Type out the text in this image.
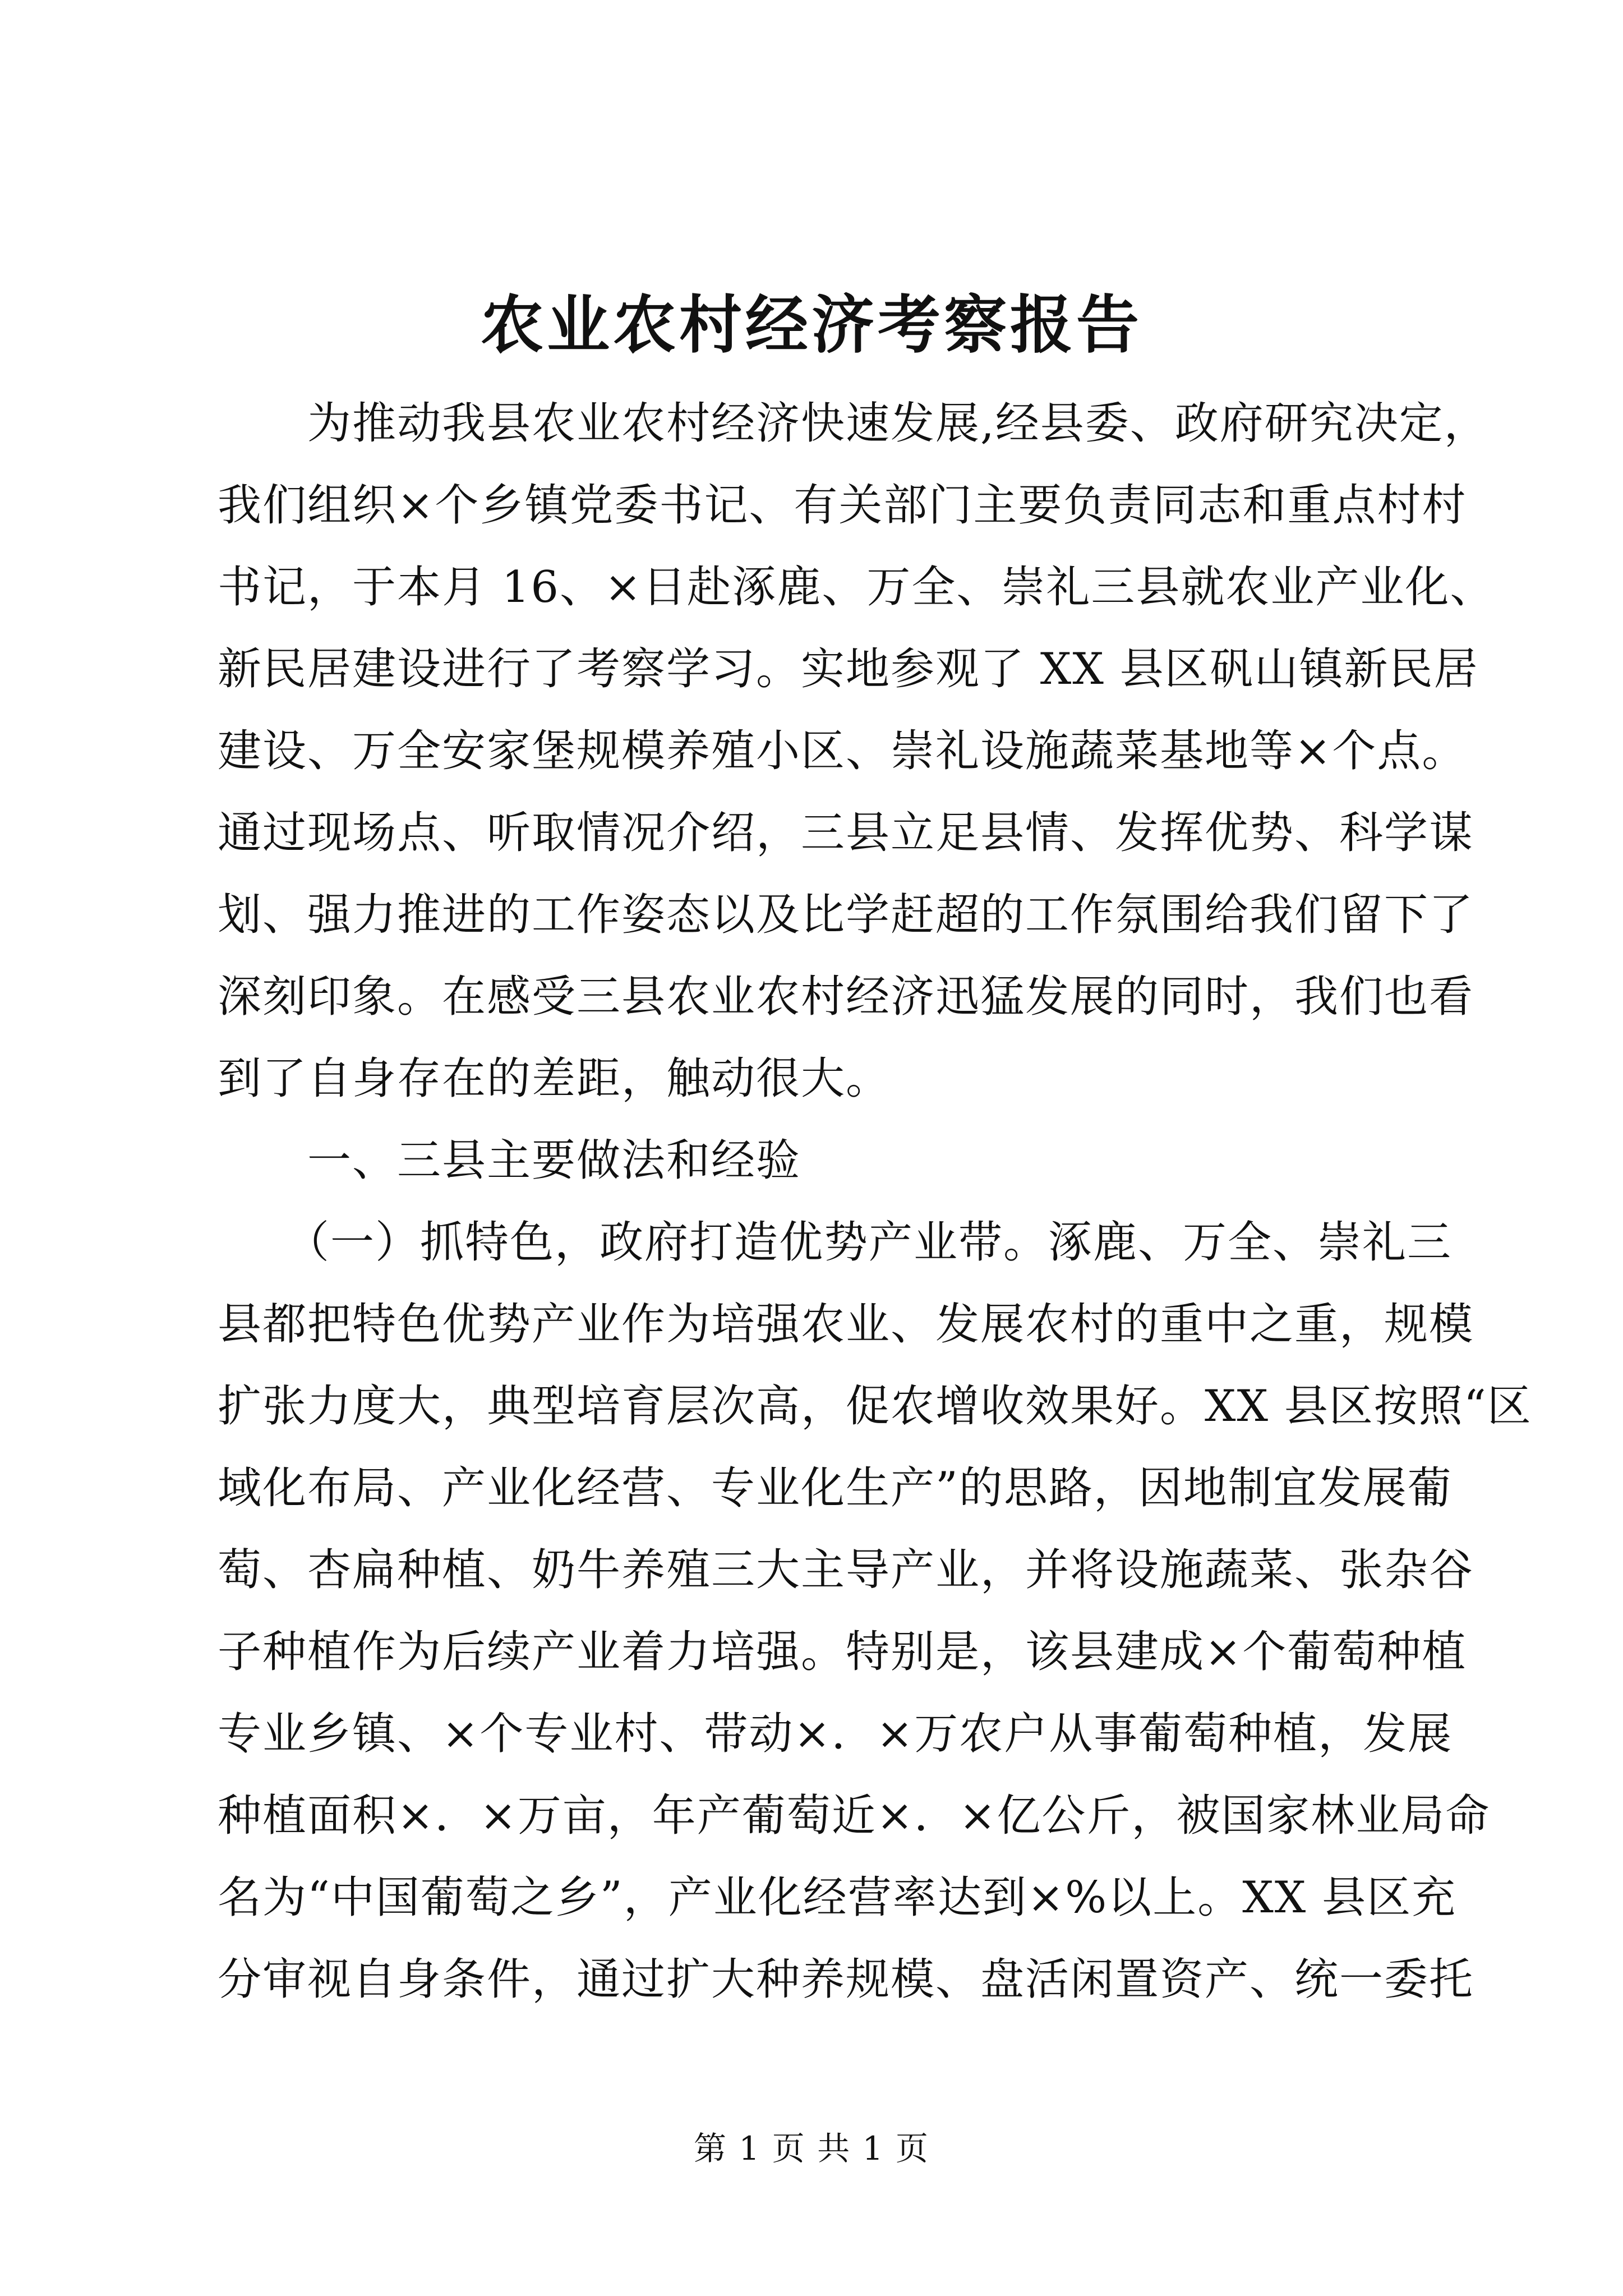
农业农村经济考察报告
　　为推动我县农业农村经济快速发展,经县委、政府研究决定，
我们组织×个乡镇党委书记、有关部门主要负责同志和重点村村
书记，于本月 16、×日赴涿鹿、万全、崇礼三县就农业产业化、
新民居建设进行了考察学习。实地参观了 XX 县区矾山镇新民居
建设、万全安家堡规模养殖小区、崇礼设施蔬菜基地等×个点。
通过现场点、听取情况介绍，三县立足县情、发挥优势、科学谋
划、强力推进的工作姿态以及比学赶超的工作氛围给我们留下了
深刻印象。在感受三县农业农村经济迅猛发展的同时，我们也看
到了自身存在的差距，触动很大。
　　一、三县主要做法和经验
　　（一）抓特色，政府打造优势产业带。涿鹿、万全、崇礼三
县都把特色优势产业作为培强农业、发展农村的重中之重，规模
扩张力度大，典型培育层次高，促农增收效果好。XX 县区按照“区
域化布局、产业化经营、专业化生产”的思路，因地制宜发展葡
萄、杏扁种植、奶牛养殖三大主导产业，并将设施蔬菜、张杂谷
子种植作为后续产业着力培强。特别是，该县建成×个葡萄种植
专业乡镇、×个专业村、带动×．×万农户从事葡萄种植，发展
种植面积×．×万亩，年产葡萄近×．×亿公斤，被国家林业局命
名为“中国葡萄之乡”，产业化经营率达到×%以上。XX 县区充
分审视自身条件，通过扩大种养规模、盘活闲置资产、统一委托
第 1 页 共 1 页
